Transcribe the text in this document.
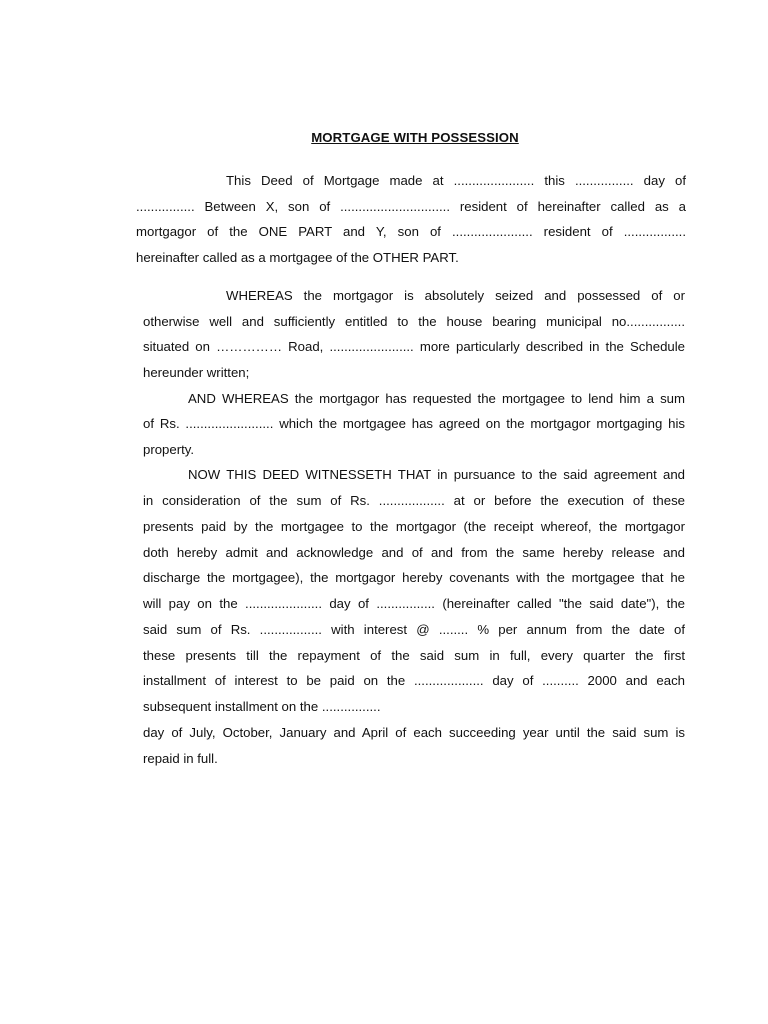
MORTGAGE WITH POSSESSION
This Deed of Mortgage made at ...................... this ................ day of
................ Between X, son of .............................. resident of hereinafter called as a
mortgagor of the ONE PART and Y, son of ...................... resident of .................
hereinafter called as a mortgagee of the OTHER PART.
WHEREAS the mortgagor is absolutely seized and possessed of or
otherwise well and sufficiently entitled to the house bearing municipal no................
situated on …………… Road, ....................... more particularly described in the Schedule
hereunder written;
AND WHEREAS the mortgagor has requested the mortgagee to lend him a sum
of Rs. ........................ which the mortgagee has agreed on the mortgagor mortgaging his
property.
NOW THIS DEED WITNESSETH THAT in pursuance to the said agreement and
in consideration of the sum of Rs. .................. at or before the execution of these
presents paid by the mortgagee to the mortgagor (the receipt whereof, the mortgagor
doth hereby admit and acknowledge and of and from the same hereby release and
discharge the mortgagee), the mortgagor hereby covenants with the mortgagee that he
will pay on the ..................... day of ................ (hereinafter called "the said date"), the
said sum of Rs. ................. with interest @ ........ % per annum from the date of
these presents till the repayment of the said sum in full, every quarter the first
installment of interest to be paid on the ................... day of .......... 2000 and each
subsequent installment on the ................
day of July, October, January and April of each succeeding year until the said sum is
repaid in full.
